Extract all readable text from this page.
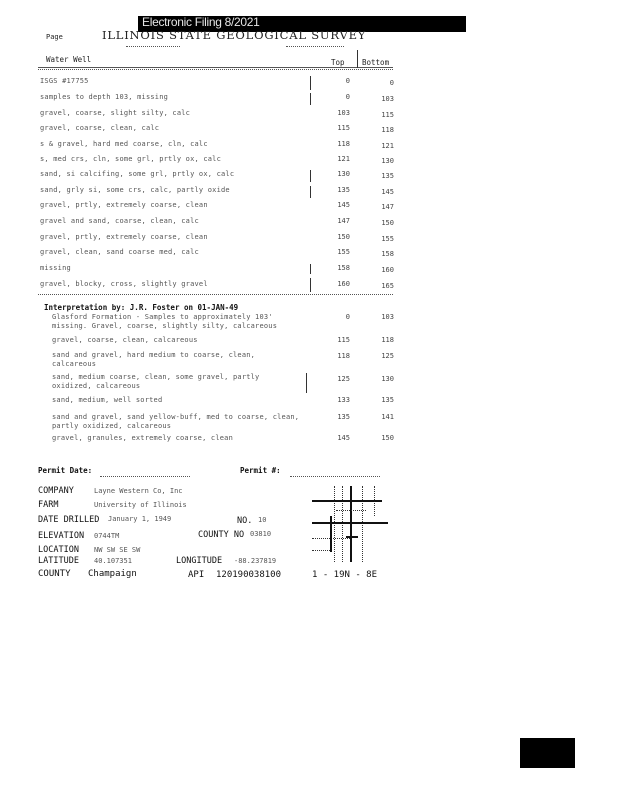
Electronic Filing 8/2021
Page	ILLINOIS STATE GEOLOGICAL SURVEY
Water Well	Top Bottom
ISGS #17755	0	0
samples to depth 103, missing	0	103
gravel, coarse, slight silty, calc	103	115
gravel, coarse, clean, calc	115	118
s & gravel, hard med coarse, cln, calc	118	121
s, med crs, cln, some grl, prtly ox, calc	121	130
sand, si calcifing, some grl, prtly ox, calc	130	135
sand, grly si, some crs, calc, partly oxide	135	145
gravel, prtly, extremely coarse, clean	145	147
gravel and sand, coarse, clean, calc	147	150
gravel, prtly, extremely coarse, clean	150	155
gravel, clean, sand coarse med, calc	155	158
missing	158	160
gravel, blocky, cross, slightly gravel	160	165
Interpretation by: J.R. Foster on 01-JAN-49
Glasford Formation - Samples to approximately 103'
missing. Gravel, coarse, slightly silty, calcareous
0	103
gravel, coarse, clean, calcareous	115	118
sand and gravel, hard medium to coarse, clean,
calcareous
118	125
sand, medium coarse, clean, some gravel, partly
oxidized, calcareous
125	130
sand, medium, well sorted	133	135
sand and gravel, sand yellow-buff, med to coarse, clean,
partly oxidized, calcareous
135	141
gravel, granules, extremely coarse, clean	145	150
Permit Date:	Permit #:
COMPANY	Layne Western Co, Inc
FARM	University of Illinois
DATE DRILLED January 1, 1949	NO. 10
ELEVATION 0744TM	COUNTY NO 03810
LOCATION NW SW SE SW
LATITUDE 40.107351	LONGITUDE -88.237819
COUNTY Champaign	API 120190038100	1 - 19N - 8E
